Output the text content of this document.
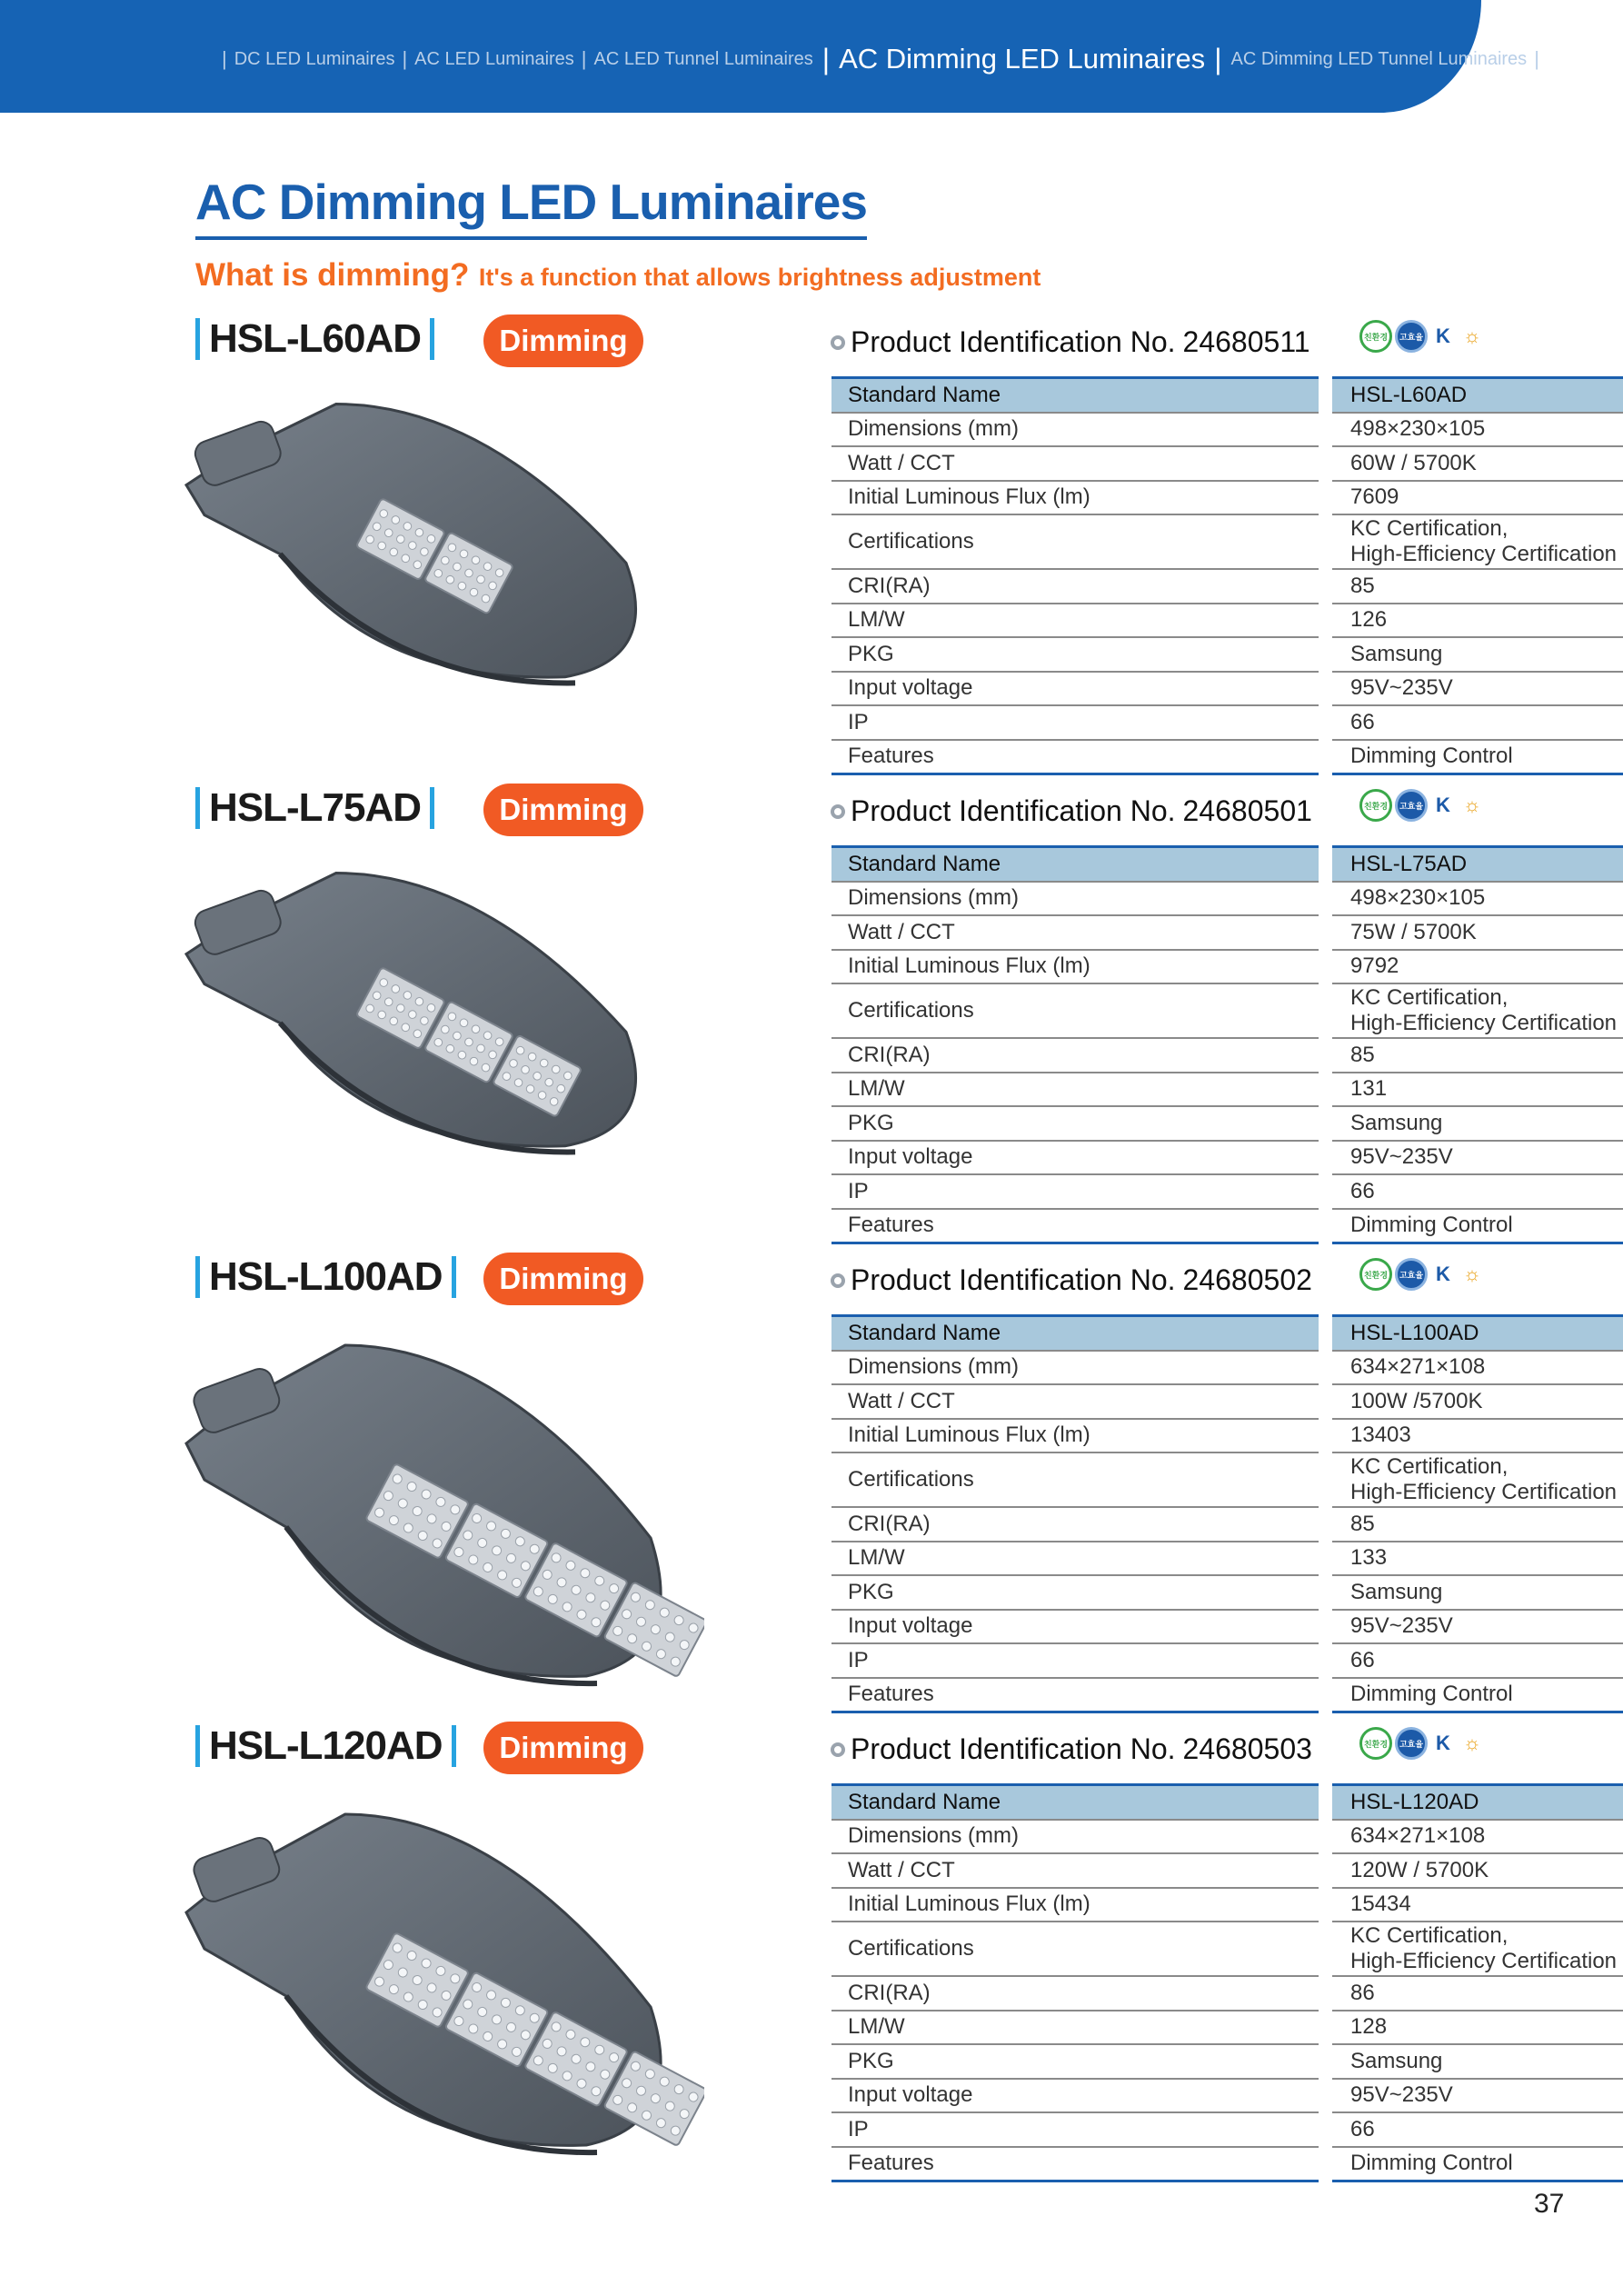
| DC LED Luminaires | AC LED Luminaires | AC LED Tunnel Luminaires | AC Dimming LED Luminaires | AC Dimming LED Tunnel Luminaires |
AC Dimming LED Luminaires
What is dimming? It's a function that allows brightness adjustment
HSL-L60AD	Dimming	Product Identification No. 24680511	친환경	고효율 K ☼
Standard Name		HSL-L60AD
Dimensions (mm)		498×230×105
Watt / CCT		60W / 5700K
Initial Luminous Flux (lm)		7609
Certifications		KC Certification,
High-Efficiency Certification

CRI(RA)		85
LM/W		126
PKG		Samsung
Input voltage		95V~235V
IP		66
Features		Dimming Control
HSL-L75AD	Dimming	Product Identification No. 24680501	친환경	고효율 K ☼
Standard Name		HSL-L75AD
Dimensions (mm)		498×230×105
Watt / CCT		75W / 5700K
Initial Luminous Flux (lm)		9792
Certifications		KC Certification,
High-Efficiency Certification

CRI(RA)		85
LM/W		131
PKG		Samsung
Input voltage		95V~235V
IP		66
Features		Dimming Control
HSL-L100AD	Dimming	Product Identification No. 24680502	친환경	고효율 K ☼
Standard Name		HSL-L100AD
Dimensions (mm)		634×271×108
Watt / CCT		100W /5700K
Initial Luminous Flux (lm)		13403
Certifications		KC Certification,
High-Efficiency Certification

CRI(RA)		85
LM/W		133
PKG		Samsung
Input voltage		95V~235V
IP		66
Features		Dimming Control
HSL-L120AD	Dimming	Product Identification No. 24680503	친환경	고효율 K ☼
Standard Name		HSL-L120AD
Dimensions (mm)		634×271×108
Watt / CCT		120W / 5700K
Initial Luminous Flux (lm)		15434
Certifications		KC Certification,
High-Efficiency Certification

CRI(RA)		86
LM/W		128
PKG		Samsung
Input voltage		95V~235V
IP		66
Features		Dimming Control
37
